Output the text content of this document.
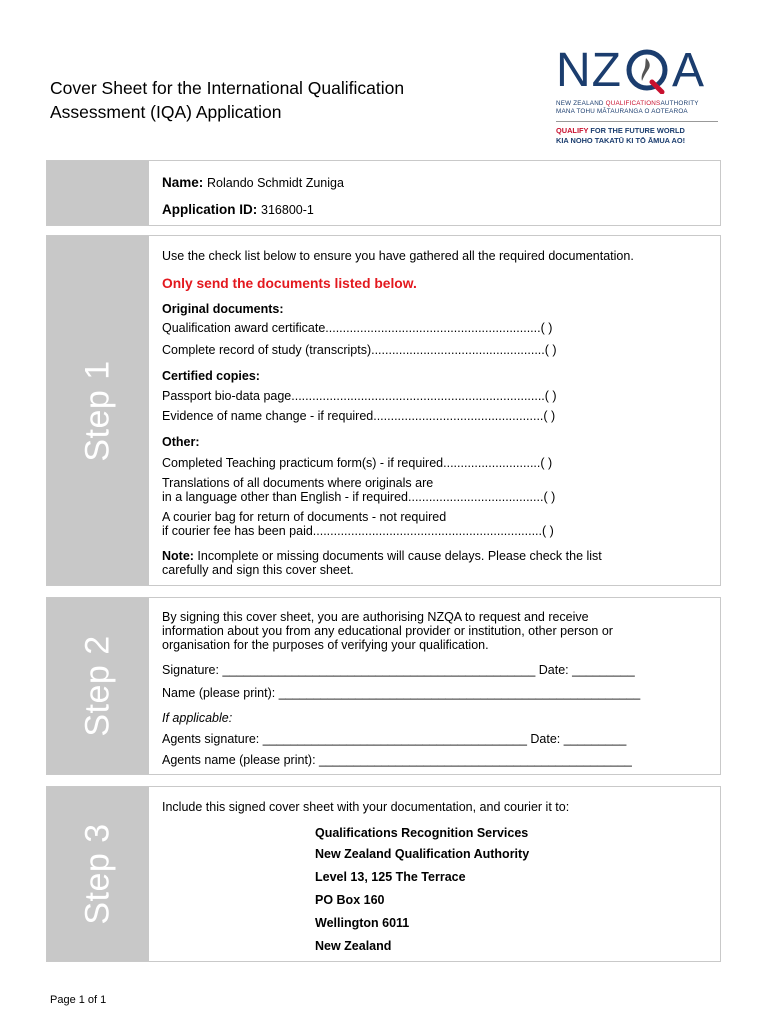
Cover Sheet for the International Qualification
Assessment (IQA) Application
NZ A
NEW ZEALAND QUALIFICATIONSAUTHORITY
MANA TOHU MĀTAURANGA O AOTEAROA
QUALIFY FOR THE FUTURE WORLD
KIA NOHO TAKATŪ KI TŌ ĀMUA AO!
Name: Rolando Schmidt Zuniga
Application ID: 316800-1
Step 1
Use the check list below to ensure you have gathered all the required documentation.
Only send the documents listed below.
Original documents:
Qualification award certificate..............................................................( )
Complete record of study (transcripts)..................................................( )
Certified copies:
Passport bio-data page.........................................................................( )
Evidence of name change - if required.................................................( )
Other:
Completed Teaching practicum form(s) - if required............................( )
Translations of all documents where originals are
in a language other than English - if required.......................................( )
A courier bag for return of documents - not required
if courier fee has been paid..................................................................( )
Note: Incomplete or missing documents will cause delays. Please check the list
carefully and sign this cover sheet.
Step 2
By signing this cover sheet, you are authorising NZQA to request and receive
information about you from any educational provider or institution, other person or
organisation for the purposes of verifying your qualification.
Signature: _____________________________________________ Date: _________
Name (please print): ____________________________________________________
If applicable:
Agents signature: ______________________________________ Date: _________
Agents name (please print): _____________________________________________
Step 3
Include this signed cover sheet with your documentation, and courier it to:
Qualifications Recognition Services
New Zealand Qualification Authority
Level 13, 125 The Terrace
PO Box 160
Wellington 6011
New Zealand
Page 1 of 1
